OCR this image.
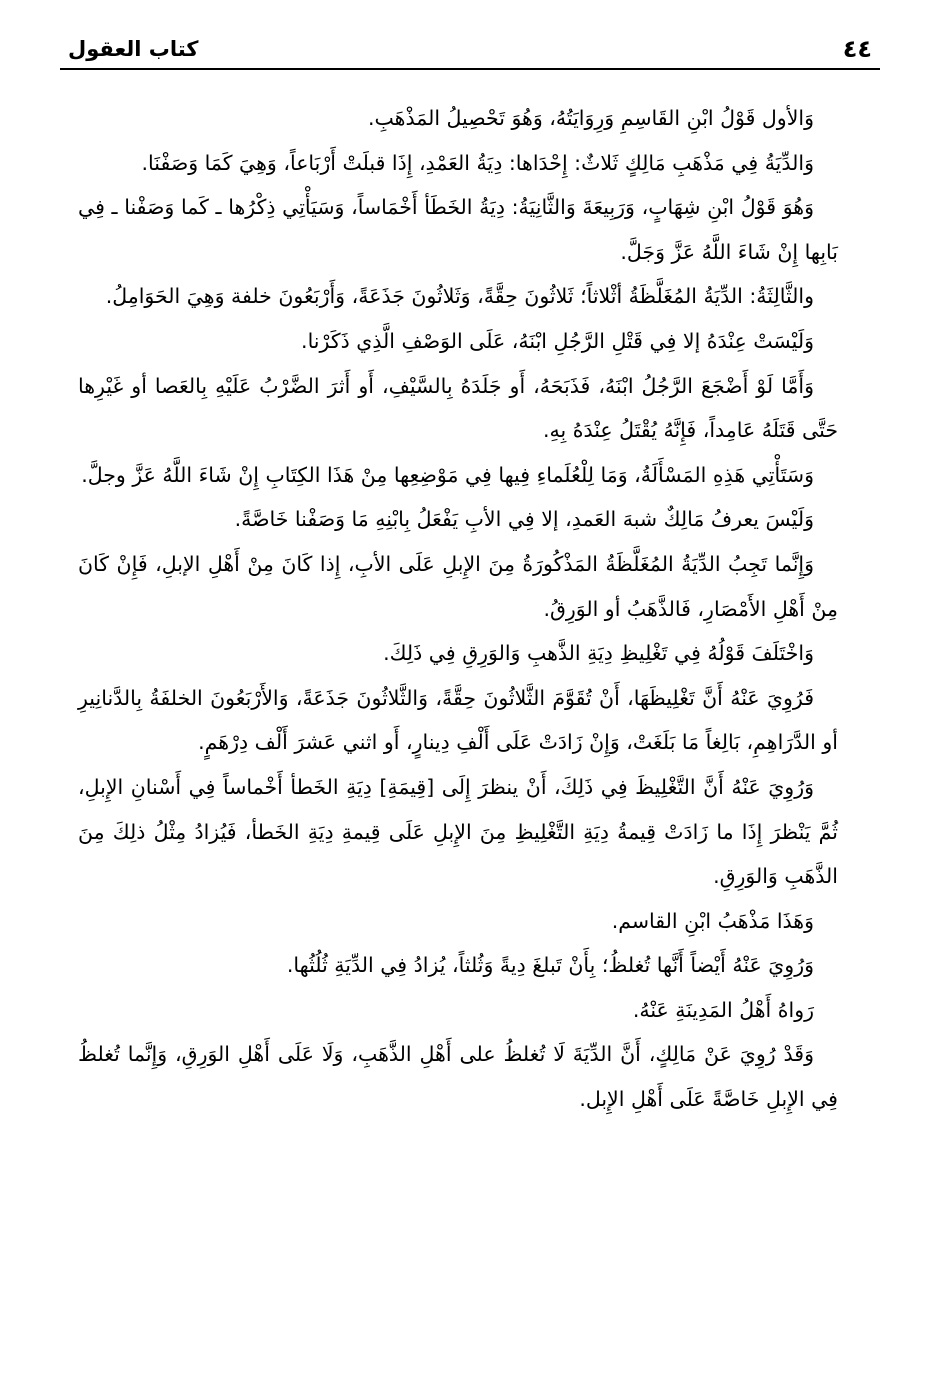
٤٤
كتاب العقول

وَالأول قَوْلُ ابْنِ القَاسِمِ وَرِوَايَتُهُ، وَهُوَ تَحْصِيلُ المَذْهَبِ.

وَالدِّيَةُ فِي مَذْهَبِ مَالِكٍ ثَلاثٌ: إِحْدَاها: دِيَةُ العَمْدِ، إِذَا قبلَتْ أَرْبَاعاً، وَهِيَ كَمَا وَصَفْنَا.

وَهُوَ قَوْلُ ابْنِ شِهَابٍ، وَرَبِيعَةَ وَالثَّانِيَةُ: دِيَةُ الخَطَأ أَخْمَاساً، وَسَيَأْتِي ذِكْرُها ـ كَما وَصَفْنا ـ فِي بَابِها إِنْ شَاءَ اللَّهُ عَزَّ وَجَلَّ.

والثَّالِثَةُ: الدِّيَةُ المُغَلَّظَةُ أثْلاثاً؛ ثَلاثُونَ حِقَّةً، وَثَلاثُونَ جَذَعَةً، وَأَرْبَعُونَ خلفة وَهِيَ الحَوَامِلُ.

وَلَيْسَتْ عِنْدَهُ إلا فِي قَتْلِ الرَّجُلِ ابْنَهُ، عَلَى الوَصْفِ الَّذِي ذَكَرْنا.

وَأَمَّا لَوْ أَضْجَعَ الرَّجُلُ ابْنَهُ، فَذَبَحَهُ، أَو جَلَدَهُ بِالسَّيْفِ، أَو أَثرَ الضَّرْبُ عَلَيْهِ بِالعَصا أو غَيْرِها حَتَّى قَتَلَهُ عَامِداً، فَإِنَّهُ يُقْتَلُ عِنْدَهُ بِهِ.

وَسَتَأْتِي هَذِهِ المَسْأَلَةُ، وَمَا لِلْعُلَماءِ فِيها فِي مَوْضِعِها مِنْ هَذَا الكِتَابِ إِنْ شَاءَ اللَّهُ عَزَّ وجلَّ.

وَلَيْسَ يعرفُ مَالِكٌ شبهَ العَمدِ، إلا فِي الأبِ يَفْعَلُ بِابْنِهِ مَا وَصَفْنا خَاصَّةً.

وَإِنَّما تَجِبُ الدِّيَةُ المُغَلَّظَةُ المَذْكُورَةُ مِنَ الإِبلِ عَلَى الأبِ، إِذا كَانَ مِنْ أَهْلِ الإبلِ، فَإِنْ كَانَ مِنْ أَهْلِ الأَمْصَارِ، فَالذَّهَبُ أو الوَرِقُ.

وَاخْتَلَفَ قَوْلُهُ فِي تَغْلِيظِ دِيَةِ الذَّهبِ وَالوَرِقِ فِي ذَلِكَ.

فَرُوِيَ عَنْهُ أَنَّ تَغْلِيظَهَا، أَنْ تُقَوَّمَ الثَّلاثُونَ حِقَّةً، وَالثَّلاثُونَ جَذَعَةً، وَالأَرْبَعُونَ الخلفَةُ بِالدَّنانِيرِ أو الدَّرَاهِمِ، بَالِغاً مَا بَلَغَتْ، وَإِنْ زَادَتْ عَلَى أَلْفِ دِينارٍ، أَو اثني عَشرَ أَلْف دِرْهَمٍ.

وَرُوِيَ عَنْهُ أَنَّ التَّغْلِيظَ فِي ذَلِكَ، أَنْ ينظرَ إِلَى [قِيمَةِ] دِيَةِ الخَطأ أَخْماساً فِي أَسْنانِ الإِبلِ، ثُمَّ يَنْظرَ إِذَا ما زَادَتْ قِيمةُ دِيَةِ التَّغْلِيظِ مِنَ الإِبلِ عَلَى قِيمةِ دِيَةِ الخَطأ، فَيُزادُ مِثْلُ ذلِكَ مِنَ الذَّهَبِ وَالوَرِقِ.

وَهَذَا مَذْهَبُ ابْنِ القاسم.

وَرُوِيَ عَنْهُ أَيْضاً أَنَّها تُغلظُ؛ بِأَنْ تَبلغَ دِيةً وَثُلثاً، يُزادُ فِي الدِّيَةِ ثُلُثُها.

رَواهُ أَهْلُ المَدِينَةِ عَنْهُ.

وَقَدْ رُوِيَ عَنْ مَالِكٍ، أَنَّ الدِّيَةَ لَا تُغلظُ على أَهْلِ الذَّهَبِ، وَلَا عَلَى أَهْلِ الوَرِقِ، وَإِنَّما تُغلظُ فِي الإِبلِ خَاصَّةً عَلَى أَهْلِ الإِبل.
